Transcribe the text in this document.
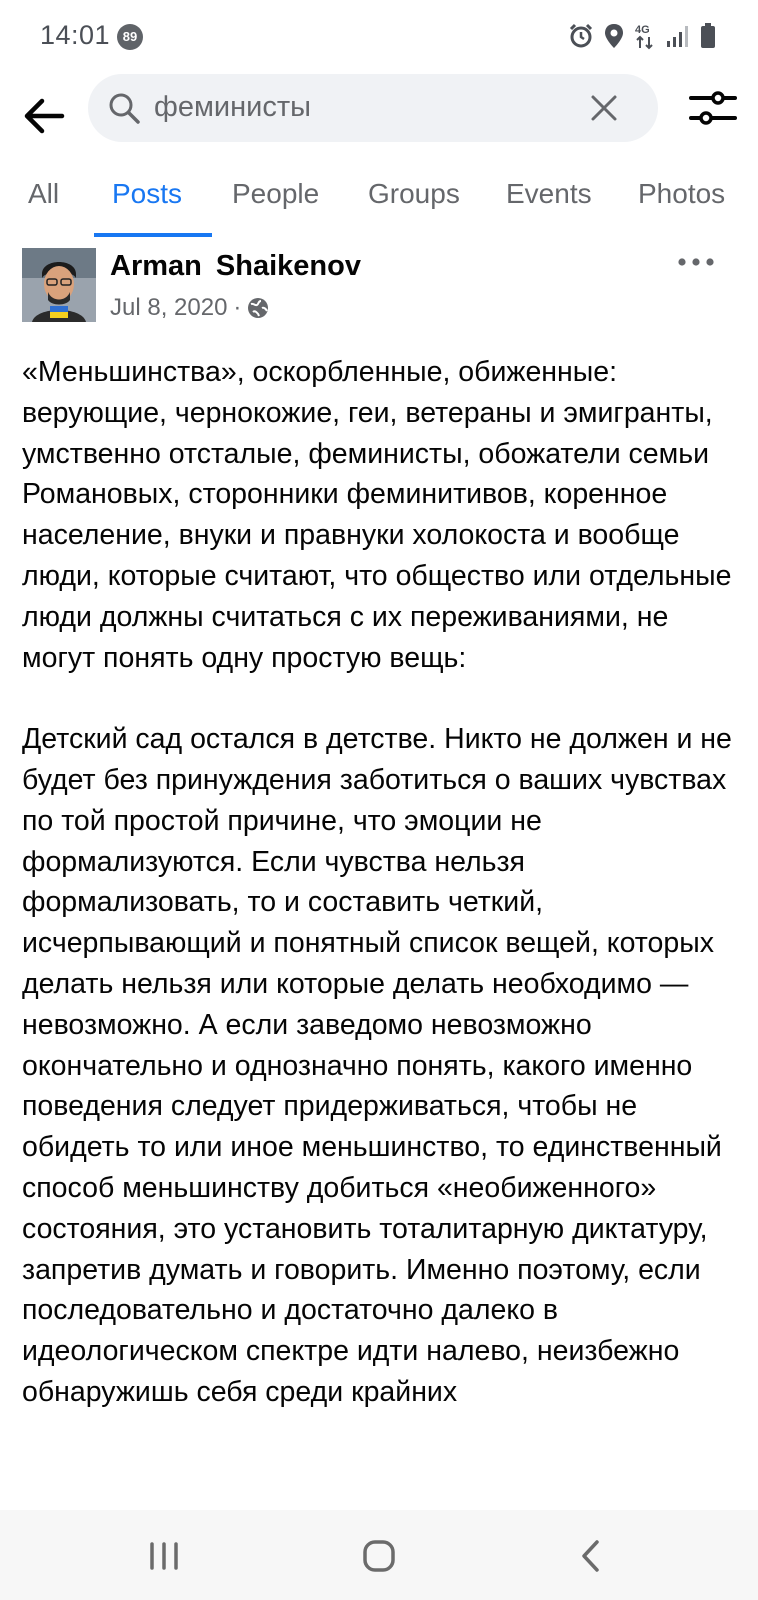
14:01 89	4G
феминисты
All Posts People Groups Events Photos
Arman Shaikenov
Jul 8, 2020 ·
«Меньшинства», оскорбленные, обиженные: верующие, чернокожие, геи, ветераны и эмигранты, умственно отсталые, феминисты, обожатели семьи Романовых, сторонники феминитивов, коренное население, внуки и правнуки холокоста и вообще люди, которые считают, что общество или отдельные люди должны считаться с их переживаниями, не могут понять одну простую вещь:

Детский сад остался в детстве. Никто не должен и не будет без принуждения заботиться о ваших чувствах по той простой причине, что эмоции не формализуются. Если чувства нельзя формализовать, то и составить четкий, исчерпывающий и понятный список вещей, которых делать нельзя или которые делать необходимо — невозможно. А если заведомо невозможно окончательно и однозначно понять, какого именно поведения следует придерживаться, чтобы не обидеть то или иное меньшинство, то единственный способ меньшинству добиться «необиженного» состояния, это установить тоталитарную диктатуру, запретив думать и говорить. Именно поэтому, если последовательно и достаточно далеко в идеологическом спектре идти налево, неизбежно обнаружишь себя среди крайних
